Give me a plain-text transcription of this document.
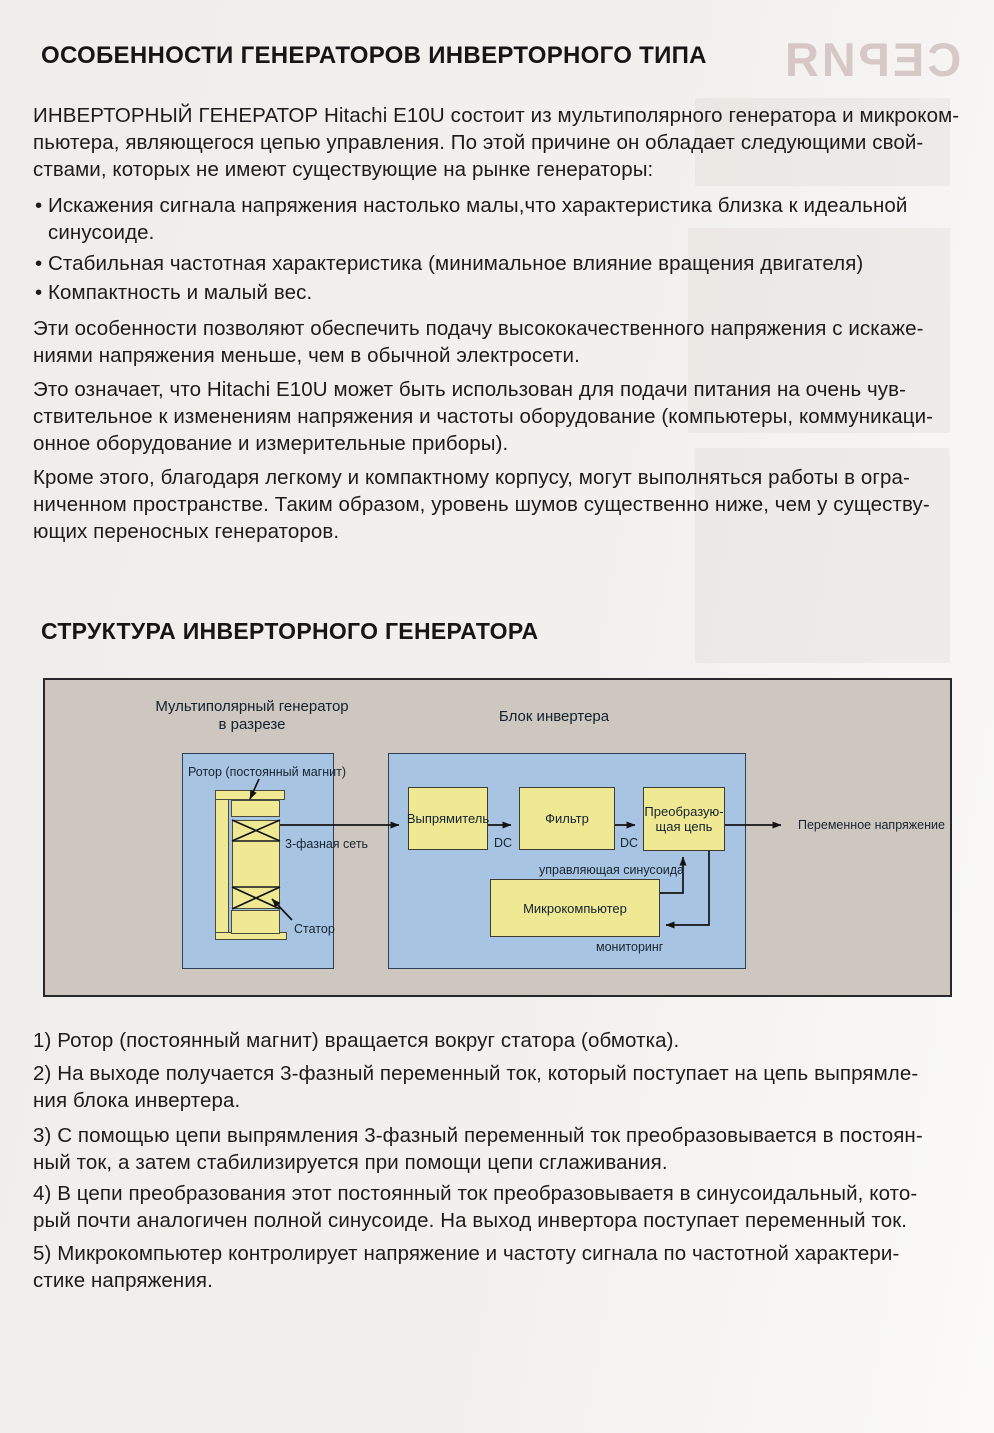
СЕРИЯ
ОСОБЕННОСТИ ГЕНЕРАТОРОВ ИНВЕРТОРНОГО ТИПА
ИНВЕРТОРНЫЙ ГЕНЕРАТОР Hitachi E10U состоит из мультиполярного генератора и микроком-
пьютера, являющегося цепью управления. По этой причине он обладает следующими свой-
ствами, которых не имеют существующие на рынке генераторы:
• Искажения сигнала напряжения настолько малы,что характеристика близка к идеальной
синусоиде.
• Стабильная частотная характеристика (минимальное влияние вращения двигателя)
• Компактность и малый вес.
Эти особенности позволяют обеспечить подачу высококачественного напряжения с искаже-
ниями напряжения меньше, чем в обычной электросети.
Это означает, что Hitachi E10U может быть использован для подачи питания на очень чув-
ствительное к изменениям напряжения и частоты оборудование (компьютеры, коммуникаци-
онное оборудование и измерительные приборы).
Кроме этого, благодаря легкому и компактному корпусу, могут выполняться работы в огра-
ниченном пространстве. Таким образом, уровень шумов существенно ниже, чем у существу-
ющих переносных генераторов.
СТРУКТУРА ИНВЕРТОРНОГО ГЕНЕРАТОРА
Мультиполярный генератор
в разрезе	Блок инвертера
Выпрямитель	Фильтр	Преобразую-
щая цепь
Микрокомпьютер
Ротор (постоянный магнит)
3-фазная сеть
Статор
DC	DC
управляющая синусоида
мониторинг
Переменное напряжение
1) Ротор (постоянный магнит) вращается вокруг статора (обмотка).
2) На выходе получается 3-фазный переменный ток, который поступает на цепь выпрямле-
ния блока инвертера.
3) С помощью цепи выпрямления 3-фазный переменный ток преобразовывается в постоян-
ный ток, а затем стабилизируется при помощи цепи сглаживания.
4) В цепи преобразования этот постоянный ток преобразовываетя в синусоидальный, кото-
рый почти аналогичен полной синусоиде. На выход инвертора поступает переменный ток.
5) Микрокомпьютер контролирует напряжение и частоту сигнала по частотной характери-
стике напряжения.
